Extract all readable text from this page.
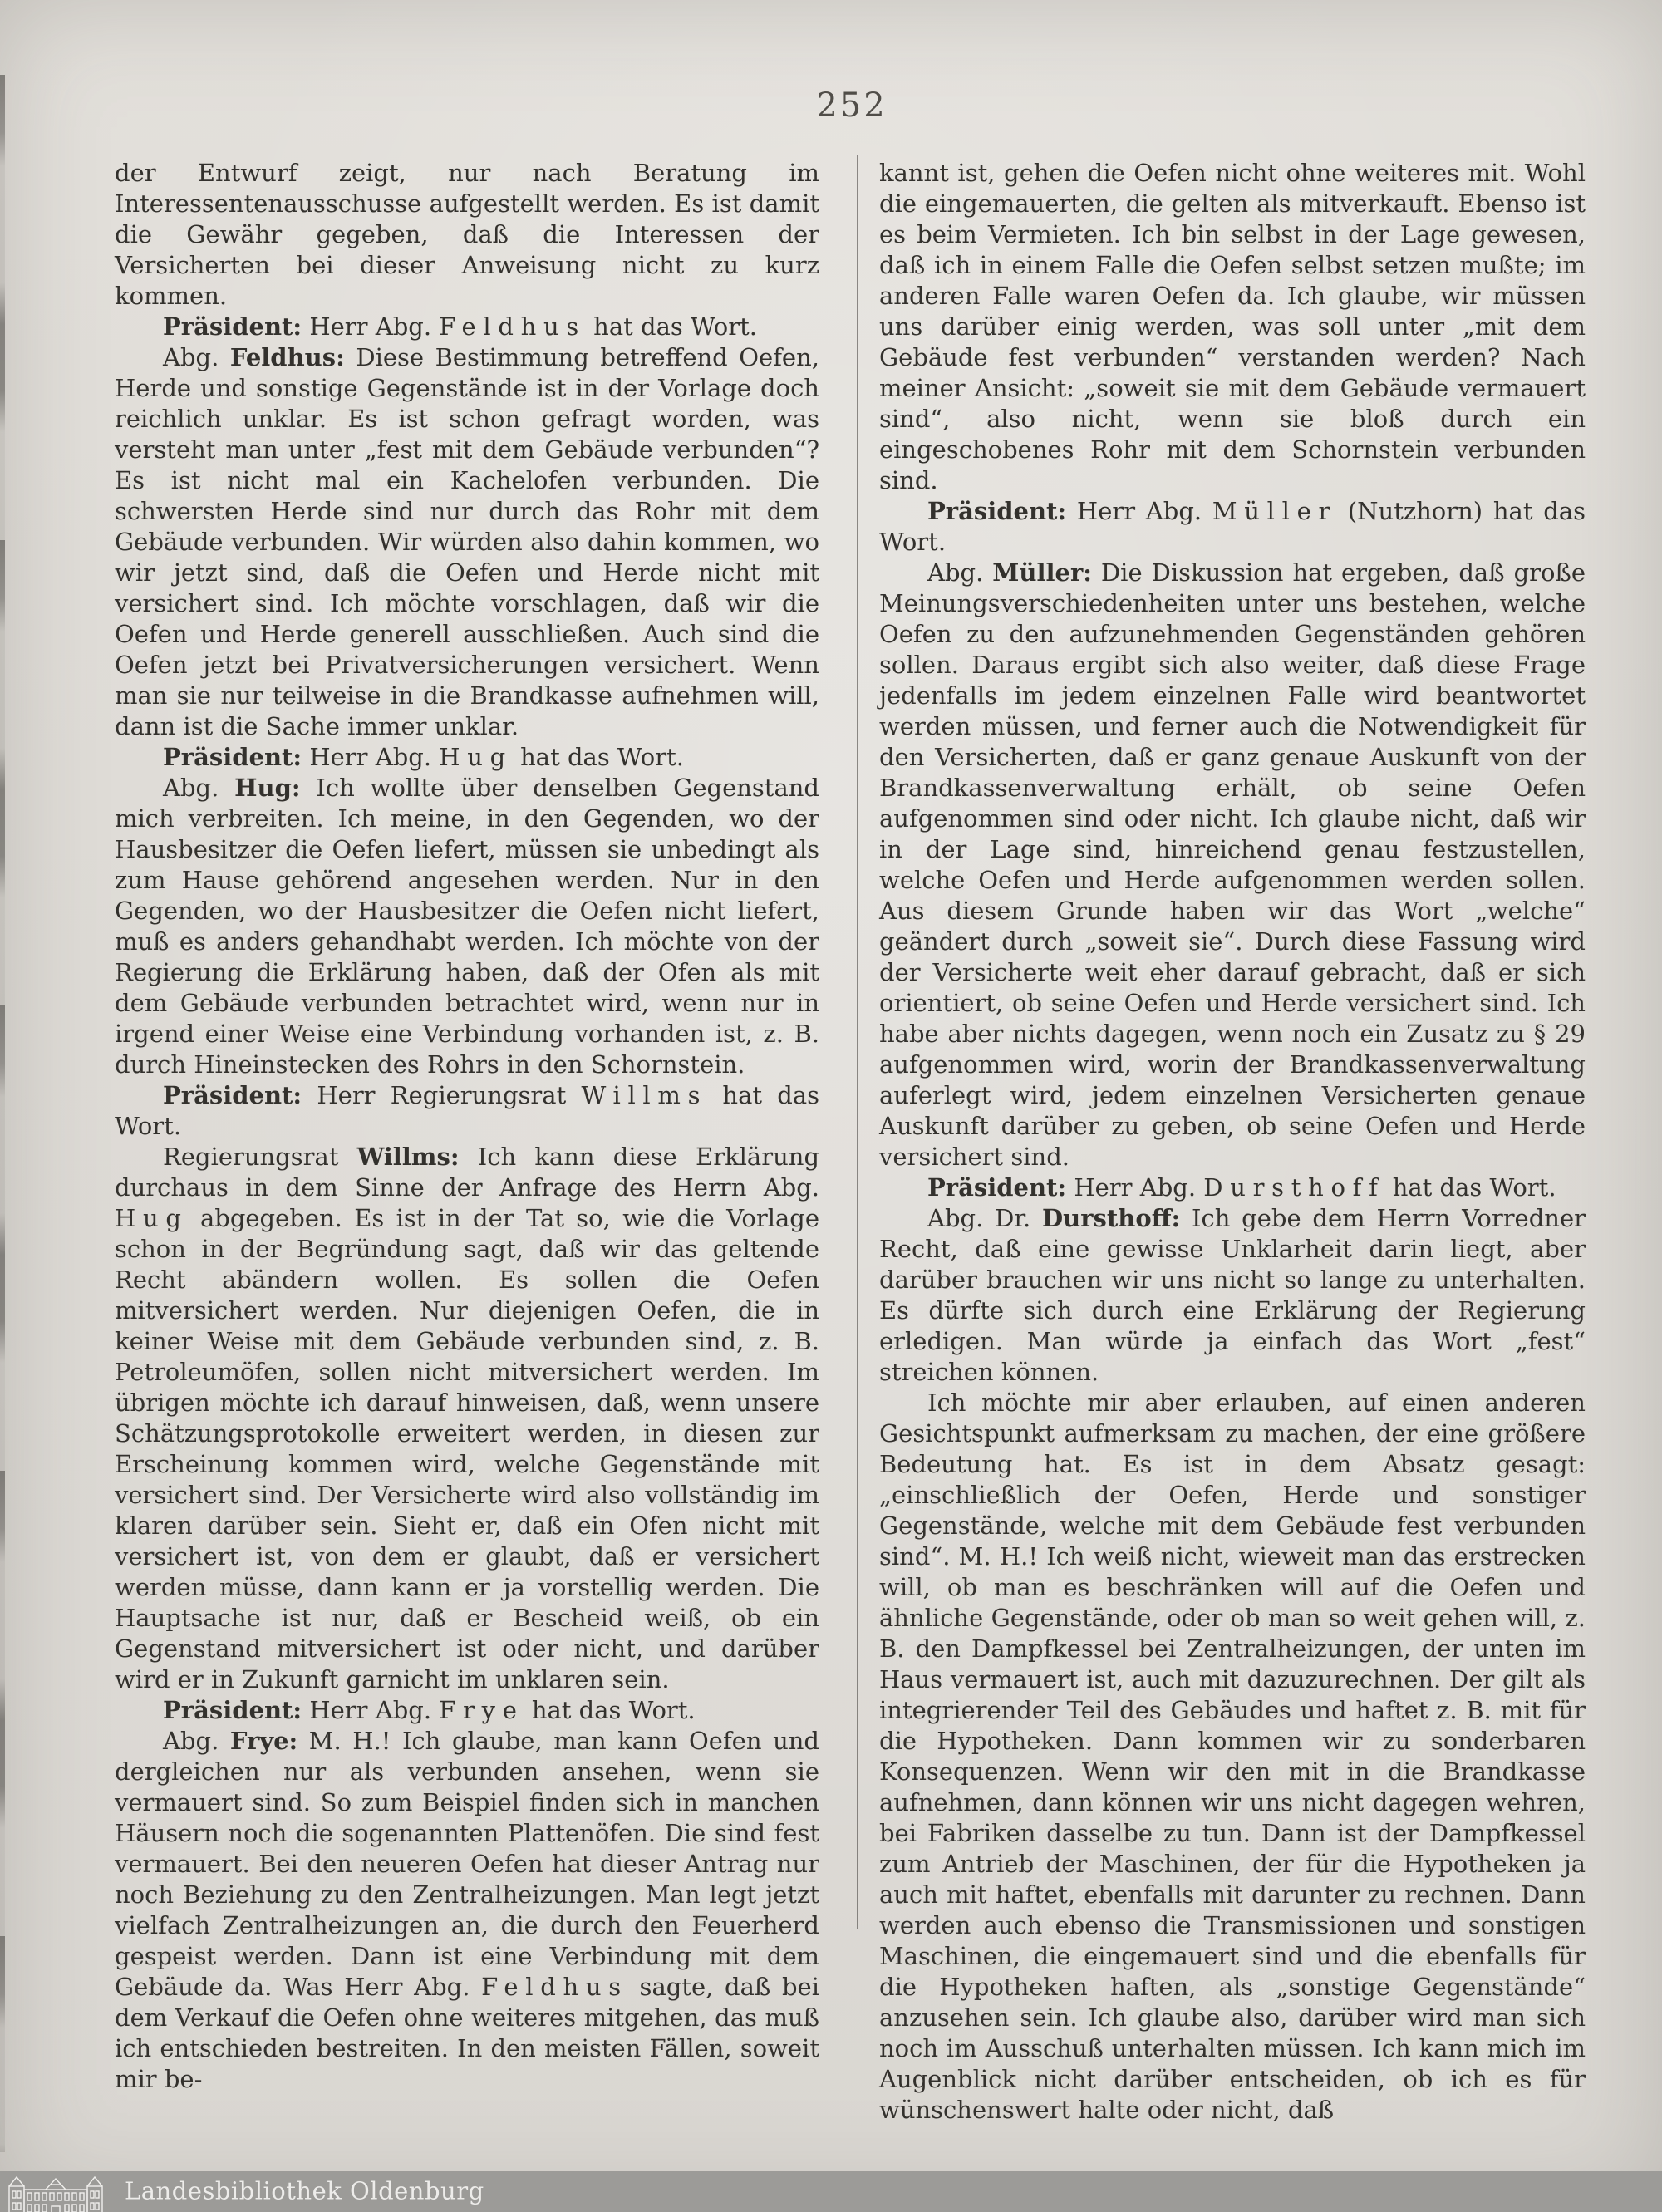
252

der Entwurf zeigt, nur nach Beratung im Interessentenausschusse aufgestellt werden. Es ist damit die Gewähr gegeben, daß die Interessen der Versicherten bei dieser Anweisung nicht zu kurz kommen.

Präsident: Herr Abg. Feldhus hat das Wort.

Abg. Feldhus: Diese Bestimmung betreffend Oefen, Herde und sonstige Gegenstände ist in der Vorlage doch reichlich unklar. Es ist schon gefragt worden, was versteht man unter „fest mit dem Gebäude verbunden“? Es ist nicht mal ein Kachelofen verbunden. Die schwersten Herde sind nur durch das Rohr mit dem Gebäude verbunden. Wir würden also dahin kommen, wo wir jetzt sind, daß die Oefen und Herde nicht mit versichert sind. Ich möchte vorschlagen, daß wir die Oefen und Herde generell ausschließen. Auch sind die Oefen jetzt bei Privatversicherungen versichert. Wenn man sie nur teilweise in die Brandkasse aufnehmen will, dann ist die Sache immer unklar.

Präsident: Herr Abg. Hug hat das Wort.

Abg. Hug: Ich wollte über denselben Gegenstand mich verbreiten. Ich meine, in den Gegenden, wo der Hausbesitzer die Oefen liefert, müssen sie unbedingt als zum Hause gehörend angesehen werden. Nur in den Gegenden, wo der Hausbesitzer die Oefen nicht liefert, muß es anders gehandhabt werden. Ich möchte von der Regierung die Erklärung haben, daß der Ofen als mit dem Gebäude verbunden betrachtet wird, wenn nur in irgend einer Weise eine Verbindung vorhanden ist, z. B. durch Hineinstecken des Rohrs in den Schornstein.

Präsident: Herr Regierungsrat Willms hat das Wort.

Regierungsrat Willms: Ich kann diese Erklärung durchaus in dem Sinne der Anfrage des Herrn Abg. Hug abgegeben. Es ist in der Tat so, wie die Vorlage schon in der Begründung sagt, daß wir das geltende Recht abändern wollen. Es sollen die Oefen mitversichert werden. Nur diejenigen Oefen, die in keiner Weise mit dem Gebäude verbunden sind, z. B. Petroleumöfen, sollen nicht mitversichert werden. Im übrigen möchte ich darauf hinweisen, daß, wenn unsere Schätzungsprotokolle erweitert werden, in diesen zur Erscheinung kommen wird, welche Gegenstände mit versichert sind. Der Versicherte wird also vollständig im klaren darüber sein. Sieht er, daß ein Ofen nicht mit versichert ist, von dem er glaubt, daß er versichert werden müsse, dann kann er ja vorstellig werden. Die Hauptsache ist nur, daß er Bescheid weiß, ob ein Gegenstand mitversichert ist oder nicht, und darüber wird er in Zukunft garnicht im unklaren sein.

Präsident: Herr Abg. Frye hat das Wort.

Abg. Frye: M. H.! Ich glaube, man kann Oefen und dergleichen nur als verbunden ansehen, wenn sie vermauert sind. So zum Beispiel finden sich in manchen Häusern noch die sogenannten Plattenöfen. Die sind fest vermauert. Bei den neueren Oefen hat dieser Antrag nur noch Beziehung zu den Zentralheizungen. Man legt jetzt vielfach Zentralheizungen an, die durch den Feuerherd gespeist werden. Dann ist eine Verbindung mit dem Gebäude da. Was Herr Abg. Feldhus sagte, daß bei dem Verkauf die Oefen ohne weiteres mitgehen, das muß ich entschieden bestreiten. In den meisten Fällen, soweit mir be-

kannt ist, gehen die Oefen nicht ohne weiteres mit. Wohl die eingemauerten, die gelten als mitverkauft. Ebenso ist es beim Vermieten. Ich bin selbst in der Lage gewesen, daß ich in einem Falle die Oefen selbst setzen mußte; im anderen Falle waren Oefen da. Ich glaube, wir müssen uns darüber einig werden, was soll unter „mit dem Gebäude fest verbunden“ verstanden werden? Nach meiner Ansicht: „soweit sie mit dem Gebäude vermauert sind“, also nicht, wenn sie bloß durch ein eingeschobenes Rohr mit dem Schornstein verbunden sind.

Präsident: Herr Abg. Müller (Nutzhorn) hat das Wort.

Abg. Müller: Die Diskussion hat ergeben, daß große Meinungsverschiedenheiten unter uns bestehen, welche Oefen zu den aufzunehmenden Gegenständen gehören sollen. Daraus ergibt sich also weiter, daß diese Frage jedenfalls im jedem einzelnen Falle wird beantwortet werden müssen, und ferner auch die Notwendigkeit für den Versicherten, daß er ganz genaue Auskunft von der Brandkassenverwaltung erhält, ob seine Oefen aufgenommen sind oder nicht. Ich glaube nicht, daß wir in der Lage sind, hinreichend genau festzustellen, welche Oefen und Herde aufgenommen werden sollen. Aus diesem Grunde haben wir das Wort „welche“ geändert durch „soweit sie“. Durch diese Fassung wird der Versicherte weit eher darauf gebracht, daß er sich orientiert, ob seine Oefen und Herde versichert sind. Ich habe aber nichts dagegen, wenn noch ein Zusatz zu § 29 aufgenommen wird, worin der Brandkassenverwaltung auferlegt wird, jedem einzelnen Versicherten genaue Auskunft darüber zu geben, ob seine Oefen und Herde versichert sind.

Präsident: Herr Abg. Dursthoff hat das Wort.

Abg. Dr. Dursthoff: Ich gebe dem Herrn Vorredner Recht, daß eine gewisse Unklarheit darin liegt, aber darüber brauchen wir uns nicht so lange zu unterhalten. Es dürfte sich durch eine Erklärung der Regierung erledigen. Man würde ja einfach das Wort „fest“ streichen können.

Ich möchte mir aber erlauben, auf einen anderen Gesichtspunkt aufmerksam zu machen, der eine größere Bedeutung hat. Es ist in dem Absatz gesagt: „einschließlich der Oefen, Herde und sonstiger Gegenstände, welche mit dem Gebäude fest verbunden sind“. M. H.! Ich weiß nicht, wieweit man das erstrecken will, ob man es beschränken will auf die Oefen und ähnliche Gegenstände, oder ob man so weit gehen will, z. B. den Dampfkessel bei Zentralheizungen, der unten im Haus vermauert ist, auch mit dazuzurechnen. Der gilt als integrierender Teil des Gebäudes und haftet z. B. mit für die Hypotheken. Dann kommen wir zu sonderbaren Konsequenzen. Wenn wir den mit in die Brandkasse aufnehmen, dann können wir uns nicht dagegen wehren, bei Fabriken dasselbe zu tun. Dann ist der Dampfkessel zum Antrieb der Maschinen, der für die Hypotheken ja auch mit haftet, ebenfalls mit darunter zu rechnen. Dann werden auch ebenso die Transmissionen und sonstigen Maschinen, die eingemauert sind und die ebenfalls für die Hypotheken haften, als „sonstige Gegenstände“ anzusehen sein. Ich glaube also, darüber wird man sich noch im Ausschuß unterhalten müssen. Ich kann mich im Augenblick nicht darüber entscheiden, ob ich es für wünschenswert halte oder nicht, daß

Landesbibliothek Oldenburg
